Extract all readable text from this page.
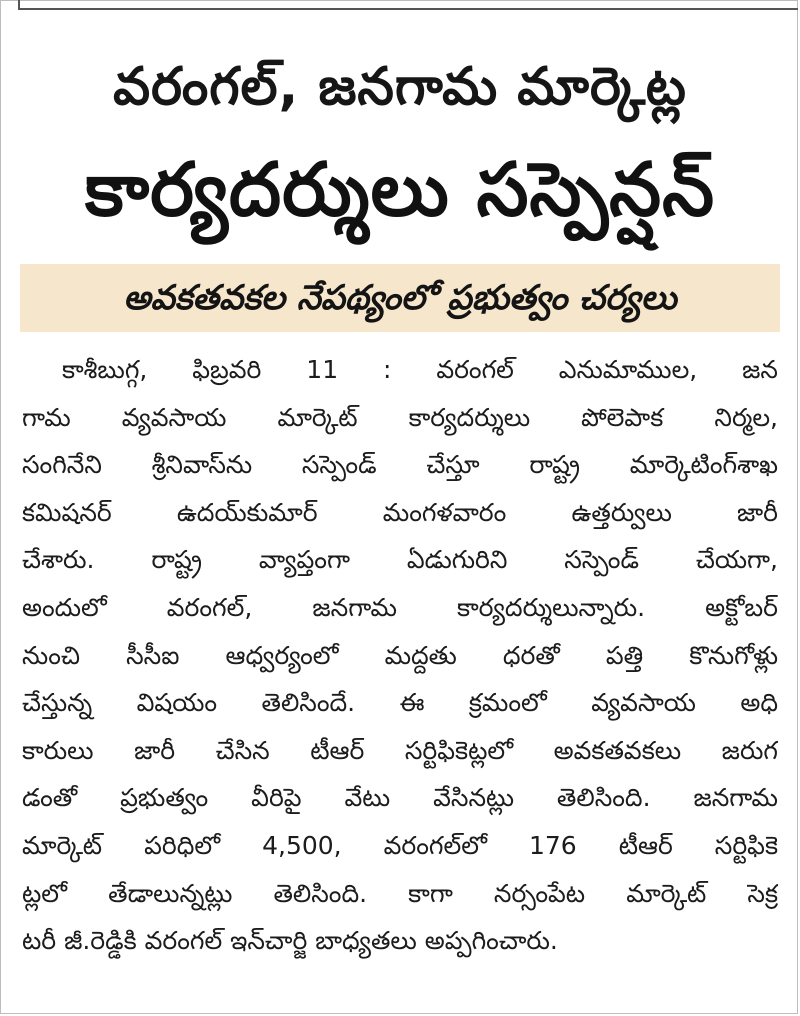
వరంగల్, జనగామ మార్కెట్ల
కార్యదర్శులు సస్పెన్షన్
అవకతవకల నేపథ్యంలో ప్రభుత్వం చర్యలు
కాశీబుగ్గ, ఫిబ్రవరి 11 : వరంగల్ ఎనుమాముల, జన
గామ వ్యవసాయ మార్కెట్ కార్యదర్శులు పోలెపాక నిర్మల,
సంగినేని శ్రీనివాస్‌ను సస్పెండ్ చేస్తూ రాష్ట్ర మార్కెటింగ్‌శాఖ
కమిషనర్ ఉదయ్‌కుమార్ మంగళవారం ఉత్తర్వులు జారీ
చేశారు. రాష్ట్ర వ్యాప్తంగా ఏడుగురిని సస్పెండ్ చేయగా,
అందులో వరంగల్, జనగామ కార్యదర్శులున్నారు. అక్టోబర్
నుంచి సీసీఐ ఆధ్వర్యంలో మద్దతు ధరతో పత్తి కొనుగోళ్లు
చేస్తున్న విషయం తెలిసిందే. ఈ క్రమంలో వ్యవసాయ అధి
కారులు జారీ చేసిన టీఆర్ సర్టిఫికెట్లలో అవకతవకలు జరుగ
డంతో ప్రభుత్వం వీరిపై వేటు వేసినట్లు తెలిసింది. జనగామ
మార్కెట్ పరిధిలో 4,500, వరంగల్‌లో 176 టీఆర్ సర్టిఫికె
ట్లలో తేడాలున్నట్లు తెలిసింది. కాగా నర్సంపేట మార్కెట్ సెక్ర
టరీ జీ.రెడ్డికి వరంగల్ ఇన్‌చార్జి బాధ్యతలు అప్పగించారు.
